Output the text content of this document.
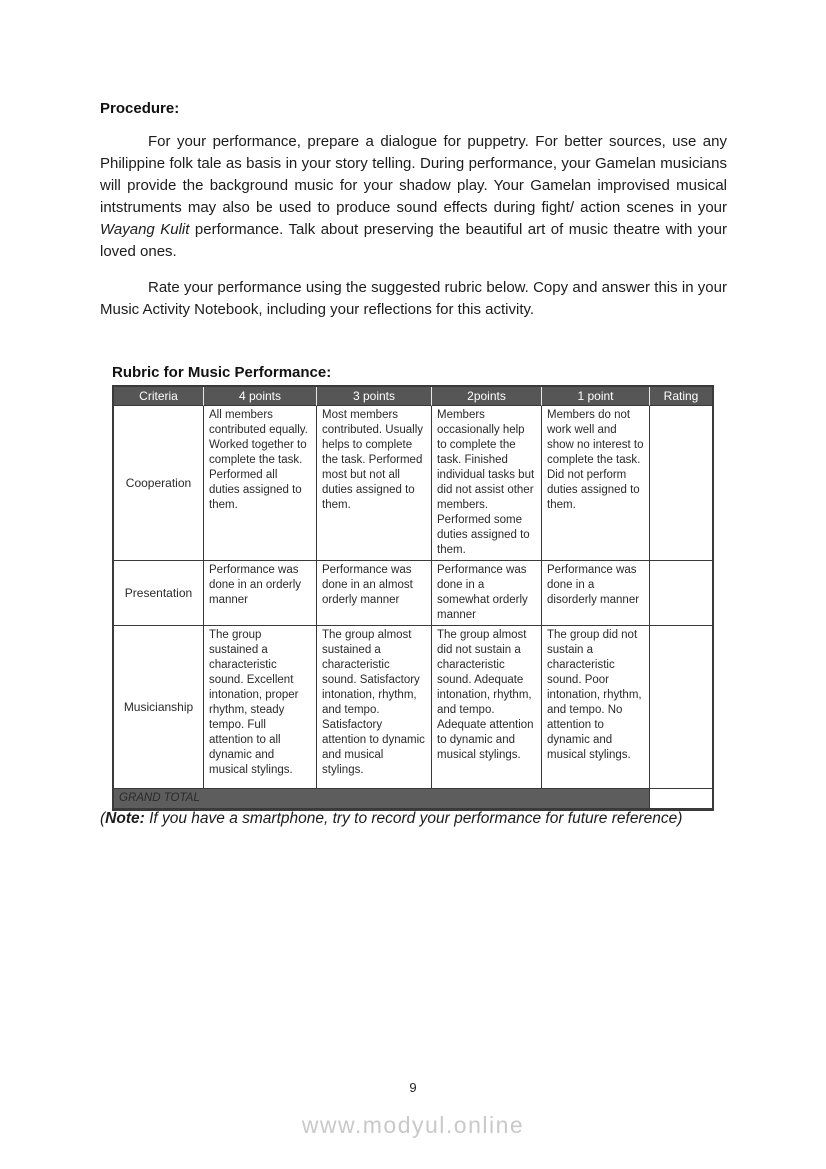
Procedure:

For your performance, prepare a dialogue for puppetry. For better sources, use any Philippine folk tale as basis in your story telling. During performance, your Gamelan musicians will provide the background music for your shadow play. Your Gamelan improvised musical intstruments may also be used to produce sound effects during fight/ action scenes in your Wayang Kulit performance. Talk about preserving the beautiful art of music theatre with your loved ones.

Rate your performance using the suggested rubric below. Copy and answer this in your Music Activity Notebook, including your reflections for this activity.

Rubric for Music Performance:
Criteria	4 points	3 points	2points	1 point	Rating
Cooperation	All members contributed equally. Worked together to complete the task. Performed all duties assigned to them.	Most members contributed. Usually helps to complete the task. Performed most but not all duties assigned to them.	Members occasionally help to complete the task. Finished individual tasks but did not assist other members. Performed some duties assigned to them.	Members do not work well and show no interest to complete the task. Did not perform duties assigned to them.	
Presentation	Performance was done in an orderly manner	Performance was done in an almost orderly manner	Performance was done in a somewhat orderly manner	Performance was done in a disorderly manner	
Musicianship	The group sustained a characteristic sound. Excellent intonation, proper rhythm, steady tempo. Full attention to all dynamic and musical stylings.	The group almost sustained a characteristic sound. Satisfactory intonation, rhythm, and tempo. Satisfactory attention to dynamic and musical stylings.	The group almost did not sustain a characteristic sound. Adequate intonation, rhythm, and tempo. Adequate attention to dynamic and musical stylings.	The group did not sustain a characteristic sound. Poor intonation, rhythm, and tempo. No attention to dynamic and musical stylings.	
GRAND TOTAL					

(Note: If you have a smartphone, try to record your performance for future reference)

9
www.modyul.online
